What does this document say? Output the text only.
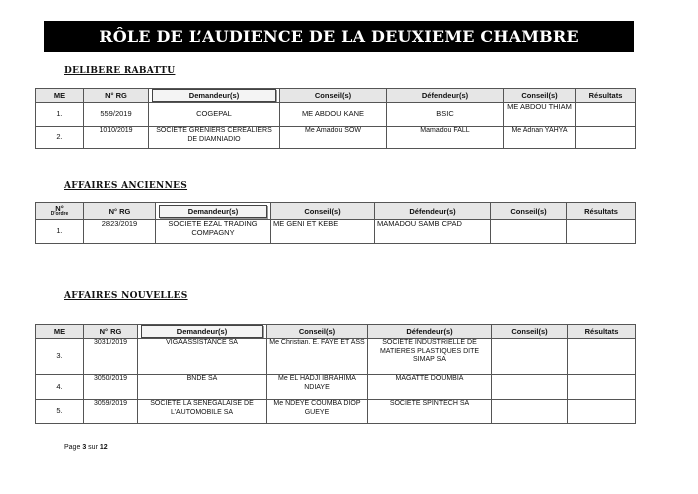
RÔLE DE L’AUDIENCE DE LA DEUXIEME CHAMBRE
DELIBERE RABATTU
ME	N° RG	Demandeur(s)	Conseil(s)	Défendeur(s)	Conseil(s)	Résultats
1.	559/2019	COGEPAL	ME ABDOU KANE	BSIC	ME ABDOU THIAM	
2.	1010/2019	SOCIETE GRENIERS CEREALIERS DE DIAMNIADIO	Me Amadou SOW	Mamadou FALL	Me Adnan YAHYA	
AFFAIRES ANCIENNES
N°
D'ordre	N° RG	Demandeur(s)	Conseil(s)	Défendeur(s)	Conseil(s)	Résultats
1.	2823/2019	SOCIETE EZAL TRADING COMPAGNY	ME GENI ET KEBE	MAMADOU SAMB CPAD		
AFFAIRES NOUVELLES
ME	N° RG	Demandeur(s)	Conseil(s)	Défendeur(s)	Conseil(s)	Résultats
3.	3031/2019	VIGAASSISTANCE SA	Me Christian. E. FAYE ET ASS	SOCIETE INDUSTRIELLE DE MATIERES PLASTIQUES DITE SIMAP SA		
4.	3050/2019	BNDE SA	Me EL HADJI IBRAHIMA NDIAYE	MAGATTE DOUMBIA		
5.	3059/2019	SOCIETE LA SENEGALAISE DE L’AUTOMOBILE SA	Me NDEYE COUMBA DIOP GUEYE	SOCIETE SPINTECH SA		
Page 3 sur 12
